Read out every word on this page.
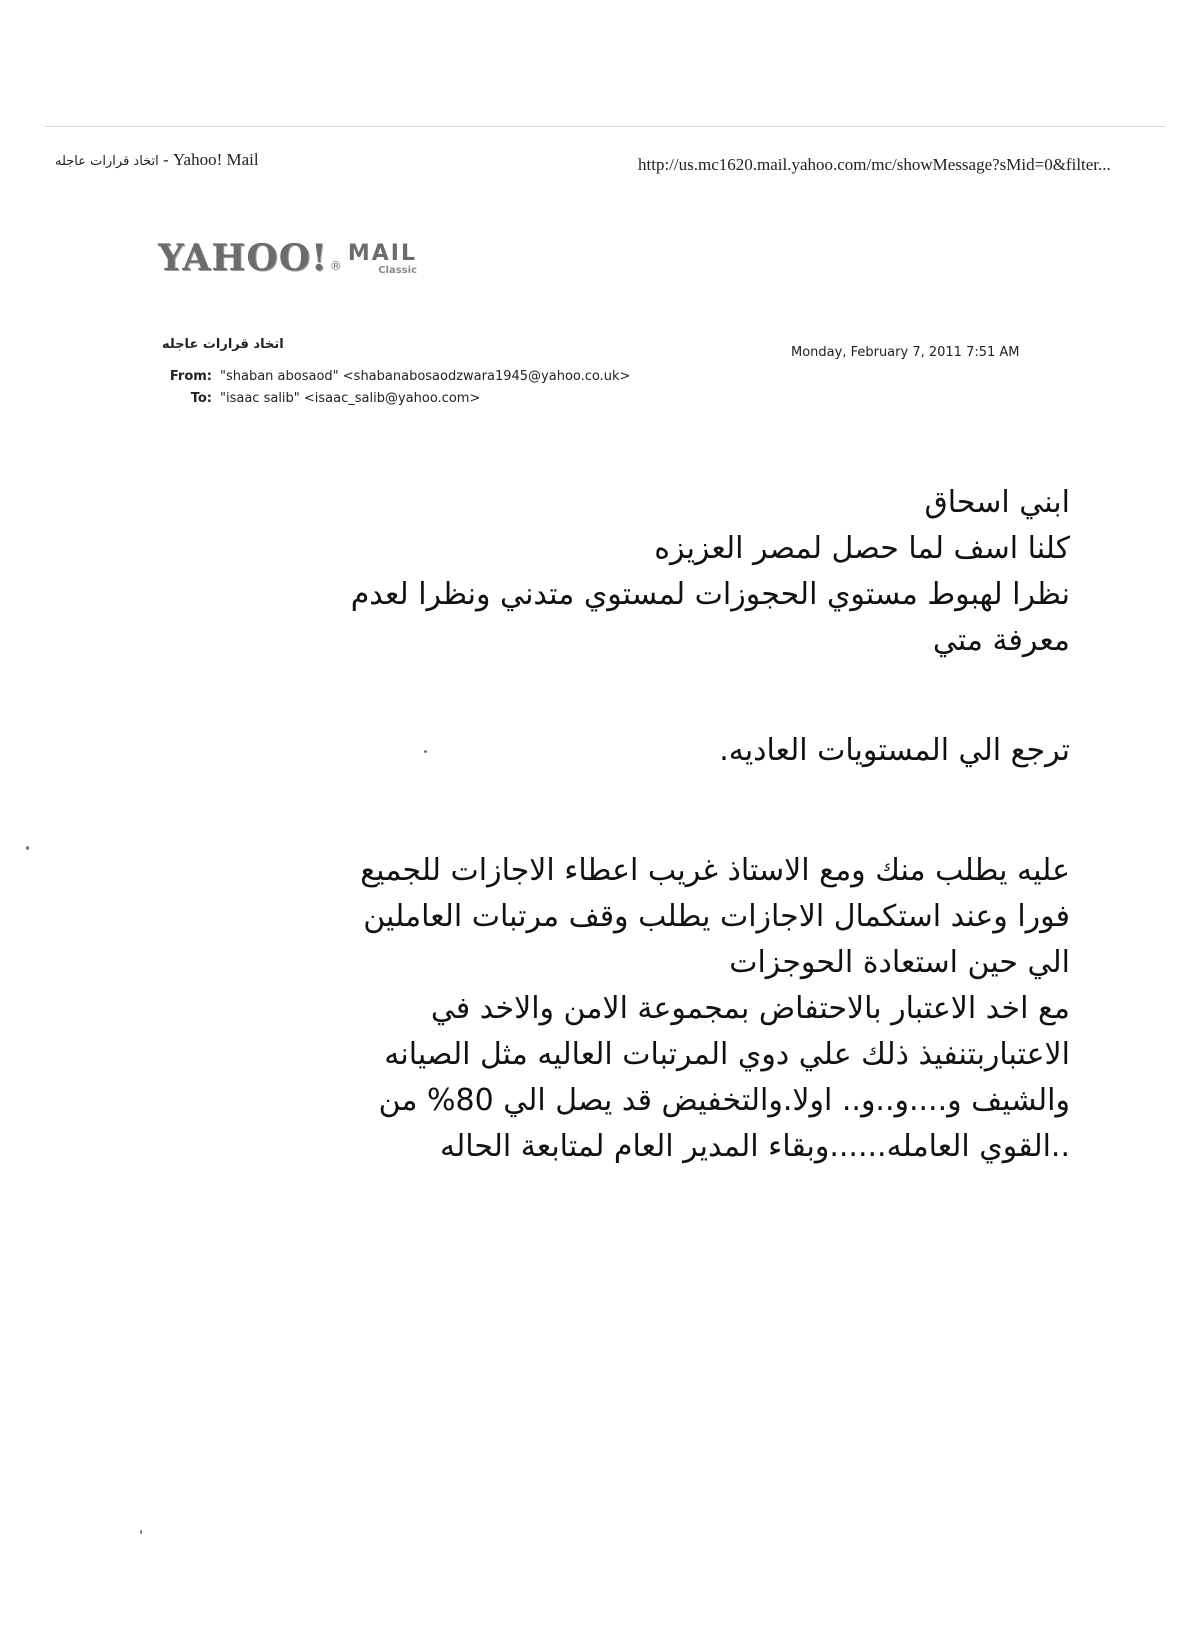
اتخاد قرارات عاجله - Yahoo! Mail	http://us.mc1620.mail.yahoo.com/mc/showMessage?sMid=0&filter...
YAHOO! ® MAIL
Classic
اتخاد قرارات عاجله
Monday, February 7, 2011 7:51 AM
From: "shaban abosaod" <shabanabosaodzwara1945@yahoo.co.uk>
To: "isaac salib" <isaac_salib@yahoo.com>
ابني اسحاق
كلنا اسف لما حصل لمصر العزيزه
نظرا لهبوط مستوي الحجوزات لمستوي متدني ونظرا لعدم
معرفة متي
ترجع الي المستويات العاديه.
عليه يطلب منك ومع الاستاذ غريب اعطاء الاجازات للجميع
فورا وعند استكمال الاجازات يطلب وقف مرتبات العاملين
الي حين استعادة الحوجزات
مع اخد الاعتبار بالاحتفاض بمجموعة الامن والاخد في
الاعتباربتنفيذ ذلك علي دوي المرتبات العاليه مثل الصيانه
والشيف و....و..و.. اولا.والتخفيض قد يصل الي 80% من
..القوي العامله......وبقاء المدير العام لمتابعة الحاله
